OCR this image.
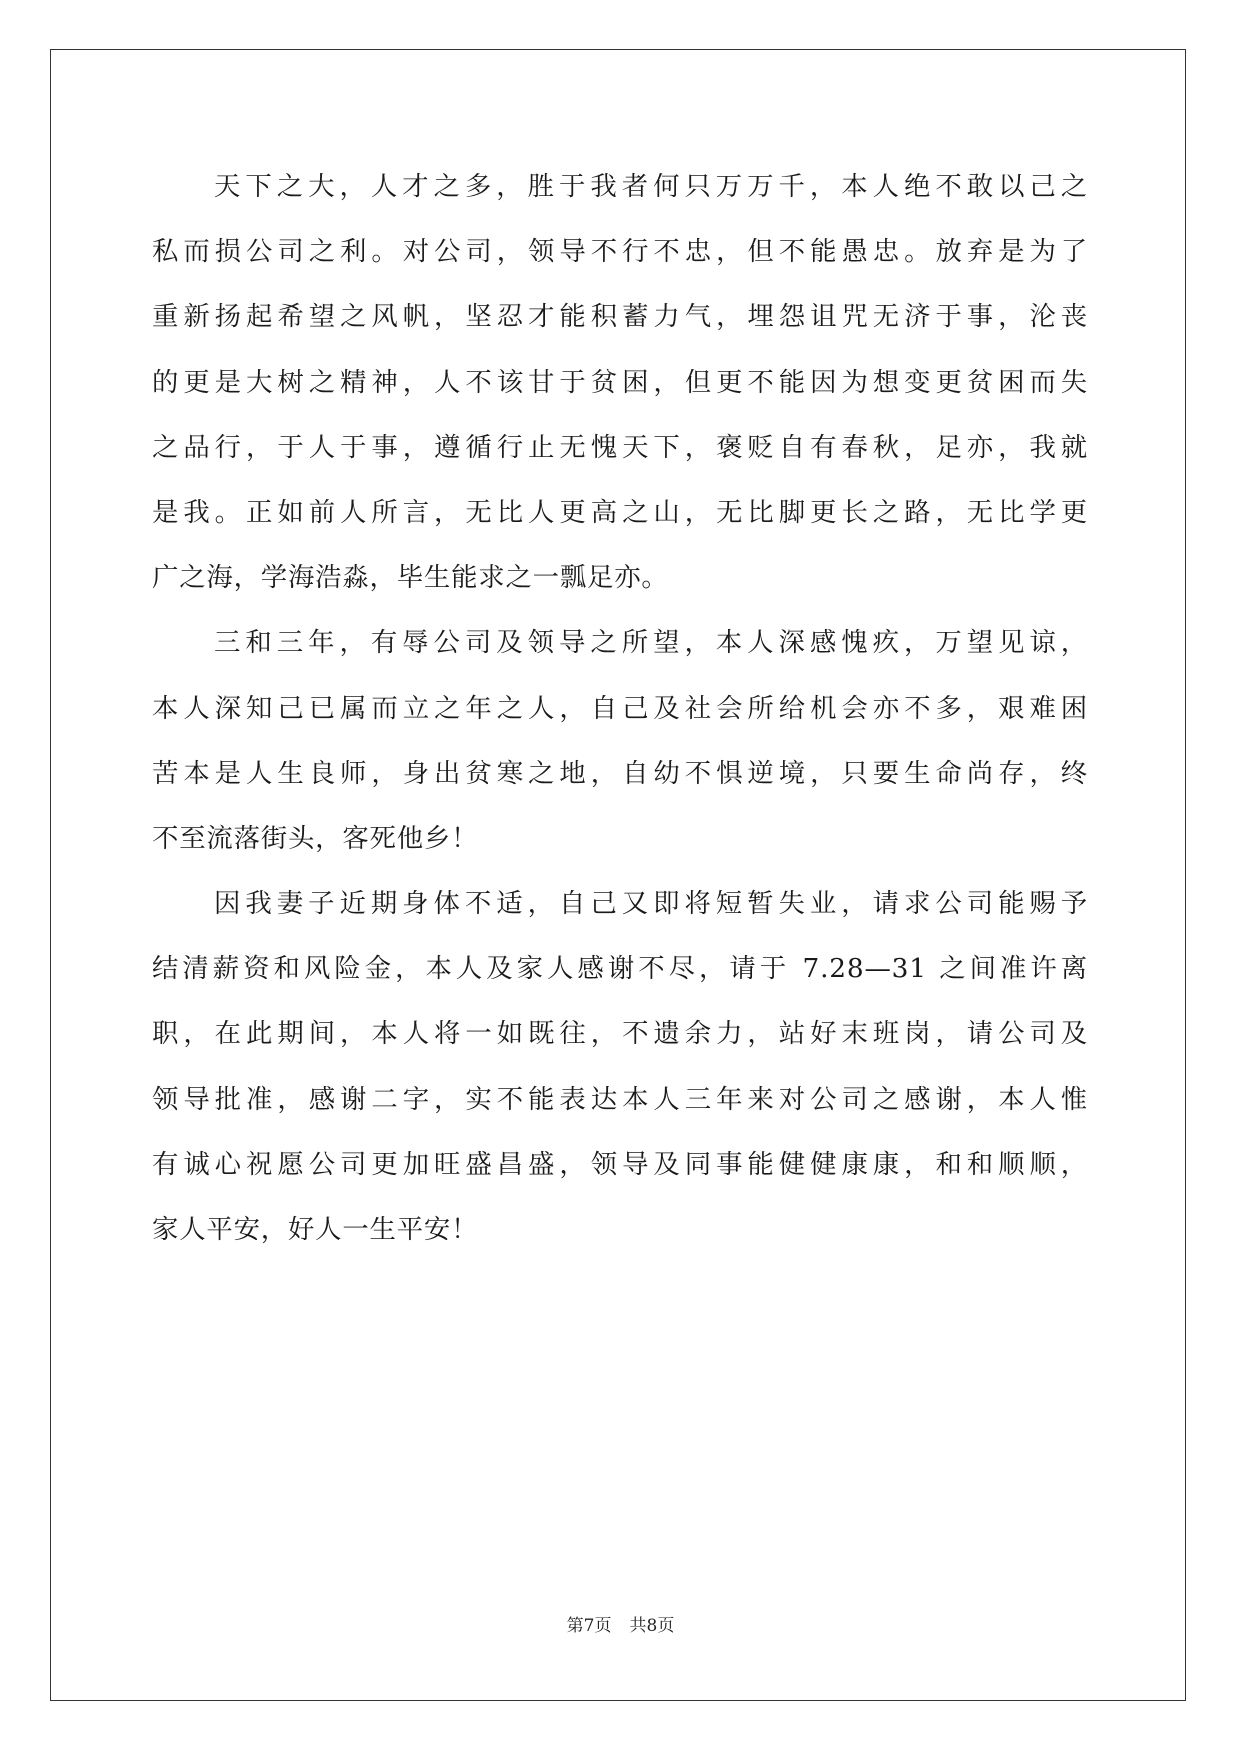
天下之大，人才之多，胜于我者何只万万千，本人绝不敢以己之
私而损公司之利。对公司，领导不行不忠，但不能愚忠。放弃是为了
重新扬起希望之风帆，坚忍才能积蓄力气，埋怨诅咒无济于事，沦丧
的更是大树之精神，人不该甘于贫困，但更不能因为想变更贫困而失
之品行，于人于事，遵循行止无愧天下，褒贬自有春秋，足亦，我就
是我。正如前人所言，无比人更高之山，无比脚更长之路，无比学更
广之海，学海浩淼，毕生能求之一瓢足亦。

三和三年，有辱公司及领导之所望，本人深感愧疚，万望见谅，
本人深知己已属而立之年之人，自己及社会所给机会亦不多，艰难困
苦本是人生良师，身出贫寒之地，自幼不惧逆境，只要生命尚存，终
不至流落街头，客死他乡！

因我妻子近期身体不适，自己又即将短暂失业，请求公司能赐予
结清薪资和风险金，本人及家人感谢不尽，请于 7.28—31 之间准许离
职，在此期间，本人将一如既往，不遗余力，站好末班岗，请公司及
领导批准，感谢二字，实不能表达本人三年来对公司之感谢，本人惟
有诚心祝愿公司更加旺盛昌盛，领导及同事能健健康康，和和顺顺，
家人平安，好人一生平安！

第7页 共8页
